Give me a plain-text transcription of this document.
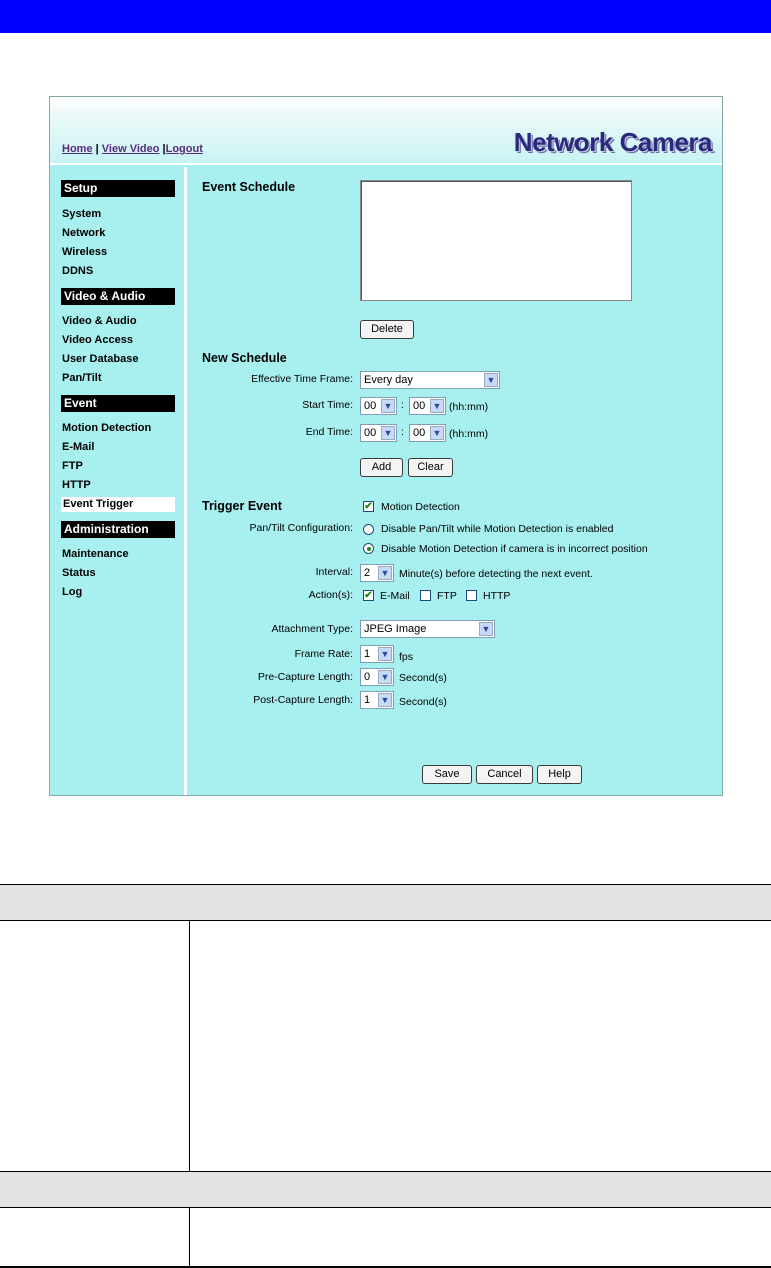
Home | View Video |Logout	Network Camera
Setup
System
Network
Wireless
DDNS
Video & Audio
Video & Audio
Video Access
User Database
Pan/Tilt
Event
Motion Detection
E-Mail
FTP
HTTP
Event Trigger
Administration
Maintenance
Status
Log
Event Schedule
Delete
New Schedule
Effective Time Frame:	Every day	▼
Start Time:	00 ▼ : 00 ▼ (hh:mm)
End Time:	00 ▼ : 00 ▼ (hh:mm)
Add	Clear
Trigger Event	✔ Motion Detection
Pan/Tilt Configuration:	Disable Pan/Tilt while Motion Detection is enabled
Disable Motion Detection if camera is in incorrect position
Interval:	2 ▼ Minute(s) before detecting the next event.
Action(s): ✔ E-Mail	FTP HTTP
Attachment Type:	JPEG Image	▼
Frame Rate:	1 ▼ fps
Pre-Capture Length:	0 ▼ Second(s)
Post-Capture Length:	1 ▼ Second(s)
Save	Cancel	Help
